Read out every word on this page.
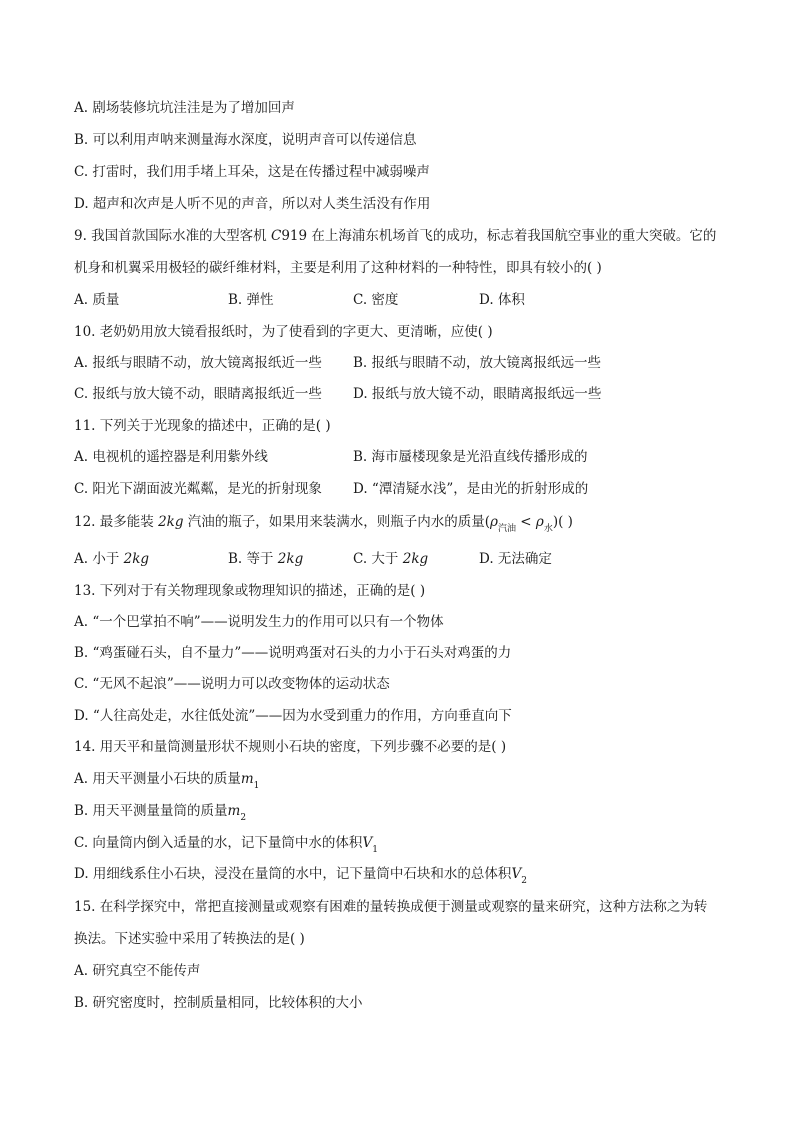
A. 剧场装修坑坑洼洼是为了增加回声
B. 可以利用声呐来测量海水深度，说明声音可以传递信息
C. 打雷时，我们用手堵上耳朵，这是在传播过程中减弱噪声
D. 超声和次声是人听不见的声音，所以对人类生活没有作用
9. 我国首款国际水准的大型客机 C919 在上海浦东机场首飞的成功，标志着我国航空事业的重大突破。它的
机身和机翼采用极轻的碳纤维材料，主要是利用了这种材料的一种特性，即具有较小的( )
A. 质量	B. 弹性	C. 密度	D. 体积
10. 老奶奶用放大镜看报纸时，为了使看到的字更大、更清晰，应使( )
A. 报纸与眼睛不动，放大镜离报纸近一些 B. 报纸与眼睛不动，放大镜离报纸远一些
C. 报纸与放大镜不动，眼睛离报纸近一些 D. 报纸与放大镜不动，眼睛离报纸远一些
11. 下列关于光现象的描述中，正确的是( )
A. 电视机的遥控器是利用紫外线	B. 海市蜃楼现象是光沿直线传播形成的
C. 阳光下湖面波光粼粼，是光的折射现象 D. “潭清疑水浅”，是由光的折射形成的
12. 最多能装 2kg 汽油的瓶子，如果用来装满水，则瓶子内水的质量$(\rho_{汽油} < \rho_水)$( )
A. 小于 2kg	B. 等于 2kg	C. 大于 2kg	D. 无法确定
13. 下列对于有关物理现象或物理知识的描述，正确的是( )
A. “一个巴掌拍不响”——说明发生力的作用可以只有一个物体
B. “鸡蛋碰石头，自不量力”——说明鸡蛋对石头的力小于石头对鸡蛋的力
C. “无风不起浪”——说明力可以改变物体的运动状态
D. “人往高处走，水往低处流”——因为水受到重力的作用，方向垂直向下
14. 用天平和量筒测量形状不规则小石块的密度，下列步骤不必要的是( )
A. 用天平测量小石块的质量$m_1$
B. 用天平测量量筒的质量$m_2$
C. 向量筒内倒入适量的水，记下量筒中水的体积$V_1$
D. 用细线系住小石块，浸没在量筒的水中，记下量筒中石块和水的总体积$V_2$
15. 在科学探究中，常把直接测量或观察有困难的量转换成便于测量或观察的量来研究，这种方法称之为转
换法。下述实验中采用了转换法的是( )
A. 研究真空不能传声
B. 研究密度时，控制质量相同，比较体积的大小
